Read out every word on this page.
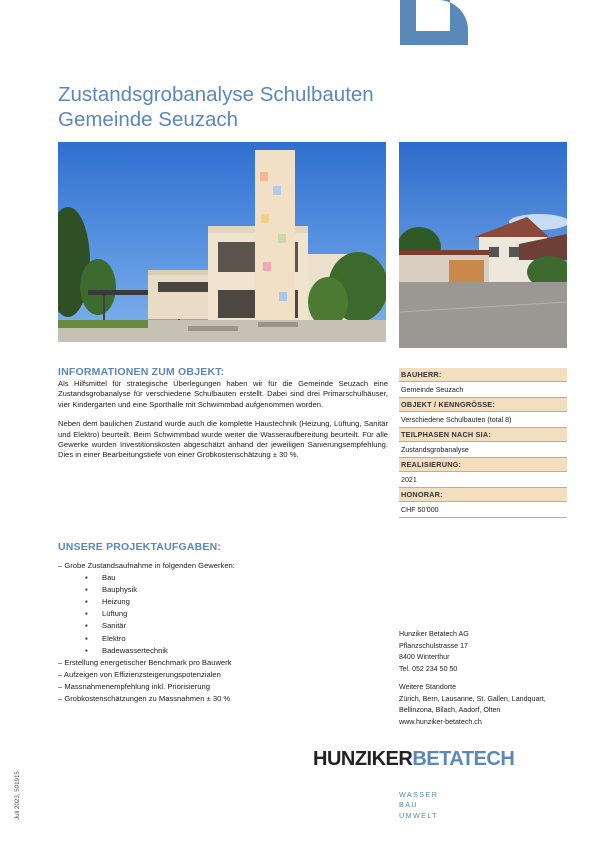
Zustandsgrobanalyse Schulbauten
Gemeinde Seuzach
INFORMATIONEN ZUM OBJEKT:

Als Hilfsmittel für strategische Überlegungen haben wir für die Gemeinde Seuzach eine Zustandsgrobanalyse für verschiedene Schulbauten erstellt. Dabei sind drei Primarschulhäuser, vier Kindergarten und eine Sporthalle mit Schwimmbad aufgenommen worden.

Neben dem baulichen Zustand wurde auch die komplette Haustechnik (Heizung, Lüftung, Sanitär und Elektro) beurteilt. Beim Schwimmbad wurde weiter die Wasseraufbereitung beurteilt. Für alle Gewerke wurden Investitionskosten abgeschätzt anhand der jeweiligen Sanierungsempfehlung. Dies in einer Bearbeitungstiefe von einer Grobkostenschätzung ± 30 %.

UNSERE PROJEKTAUFGABEN:
– Grobe Zustandsaufnahme in folgenden Gewerken:
▪ Bau
▪ Bauphysik
▪ Heizung
▪ Lüftung
▪ Sanitär
▪ Elektro
▪ Badewassertechnik
– Erstellung energetischer Benchmark pro Bauwerk
– Aufzeigen von Effizienzsteigerungspotenzialen
– Massnahmenempfehlung inkl. Priorisierung
– Grobkostenschätzungen zu Massnahmen ± 30 %
BAUHERR:
Gemeinde Seuzach
OBJEKT / KENNGRÖSSE:
Verschiedene Schulbauten (total 8)
TEILPHASEN NACH SIA:
Zustandsgrobanalyse
REALISIERUNG:
2021
HONORAR:
CHF 50'000
Hunziker Betatech AG
Pflanzschulstrasse 17
8400 Winterthur
Tel. 052 234 50 50
Weitere Standorte
Zürich, Bern, Lausanne, St. Gallen, Landquart,
Bellinzona, Bilach, Aadorf, Olten
www.hunziker-betatech.ch
HUNZIKERBETATECH
WASSER
BAU
UMWELT
Juli 2023, 501915
